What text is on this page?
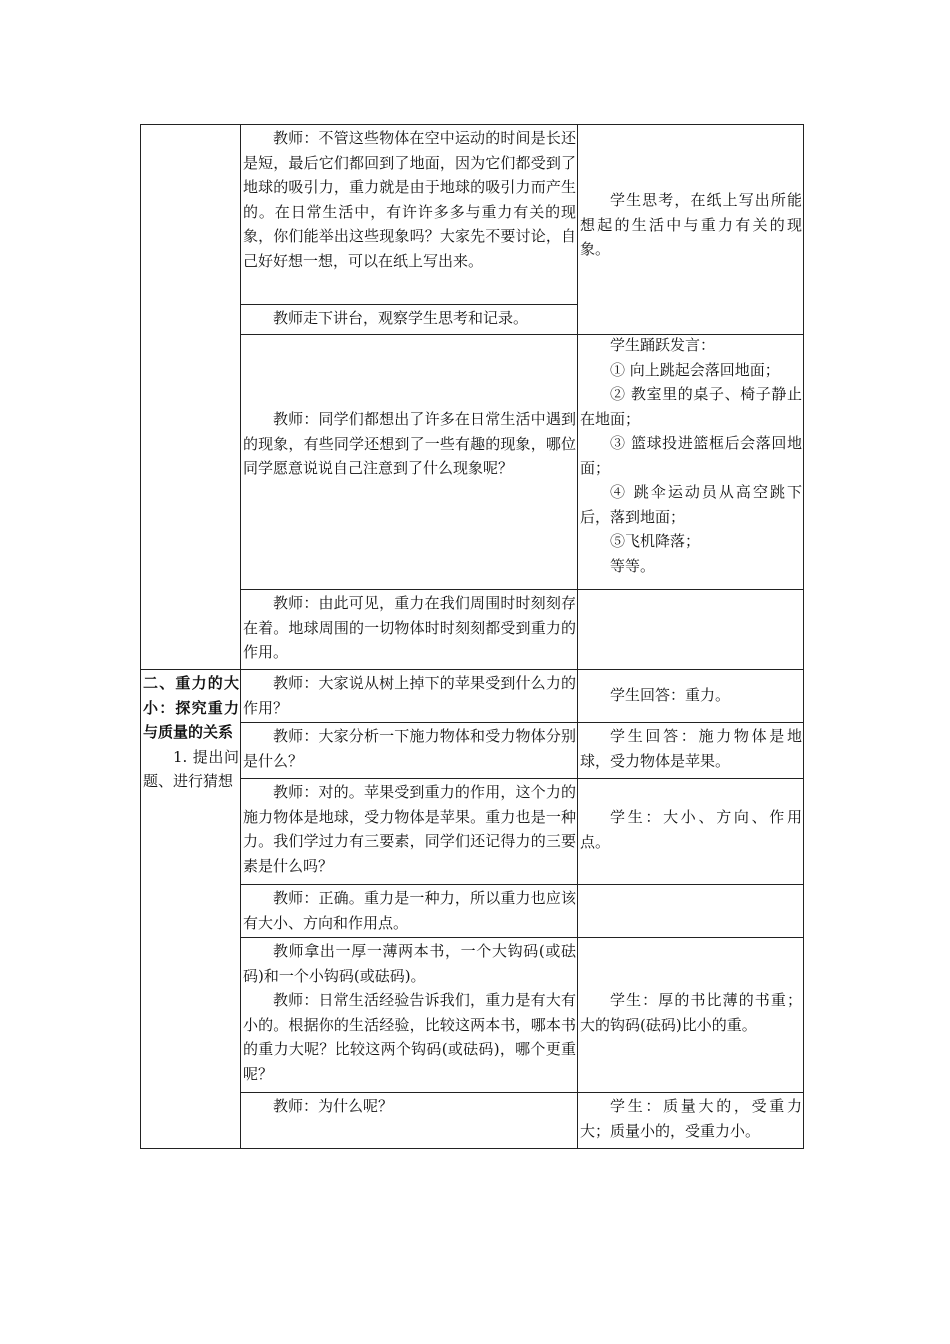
教师：不管这些物体在空中运动的时间是长还是短，最后它们都回到了地面，因为它们都受到了地球的吸引力，重力就是由于地球的吸引力而产生的。在日常生活中，有许许多多与重力有关的现象，你们能举出这些现象吗？大家先不要讨论，自己好好想一想，可以在纸上写出来。

学生思考，在纸上写出所能想起的生活中与重力有关的现象。

教师走下讲台，观察学生思考和记录。

教师：同学们都想出了许多在日常生活中遇到的现象，有些同学还想到了一些有趣的现象，哪位同学愿意说说自己注意到了什么现象呢？

学生踊跃发言：

① 向上跳起会落回地面；

② 教室里的桌子、椅子静止在地面；

③ 篮球投进篮框后会落回地面；

④ 跳伞运动员从高空跳下后，落到地面；

⑤飞机降落；

等等。

教师：由此可见，重力在我们周围时时刻刻存在着。地球周围的一切物体时时刻刻都受到重力的作用。

二、重力的大小：探究重力与质量的关系

1. 提出问题、进行猜想

教师：大家说从树上掉下的苹果受到什么力的作用？

学生回答：重力。

教师：大家分析一下施力物体和受力物体分别是什么？

学生回答：施力物体是地球，受力物体是苹果。

教师：对的。苹果受到重力的作用，这个力的施力物体是地球，受力物体是苹果。重力也是一种力。我们学过力有三要素，同学们还记得力的三要素是什么吗？

学生：大小、方向、作用点。

教师：正确。重力是一种力，所以重力也应该有大小、方向和作用点。

教师拿出一厚一薄两本书，一个大钩码(或砝码)和一个小钩码(或砝码)。

教师：日常生活经验告诉我们，重力是有大有小的。根据你的生活经验，比较这两本书，哪本书的重力大呢？比较这两个钩码(或砝码)，哪个更重呢？

学生：厚的书比薄的书重；大的钩码(砝码)比小的重。

教师：为什么呢？	学生：质量大的，受重力大；质量小的，受重力小。
